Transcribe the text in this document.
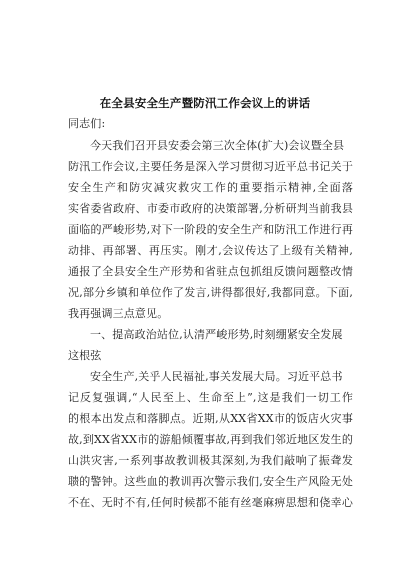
在全县安全生产暨防汛工作会议上的讲话
同志们:
今天我们召开县安委会第三次全体(扩大)会议暨全县
防汛工作会议,主要任务是深入学习贯彻习近平总书记关于
安全生产和防灾减灾救灾工作的重要指示精神,全面落
实省委省政府、市委市政府的决策部署,分析研判当前我县
面临的严峻形势,对下一阶段的安全生产和防汛工作进行再
动排、再部署、再压实。刚才,会议传达了上级有关精神,
通报了全县安全生产形势和省驻点包抓组反馈问题整改情
况,部分乡镇和单位作了发言,讲得都很好,我都同意。下面,
我再强调三点意见。
一、提高政治站位,认清严峻形势,时刻绷紧安全发展
这根弦
安全生产,关乎人民福祉,事关发展大局。习近平总书
记反复强调,“人民至上、生命至上”,这是我们一切工作
的根本出发点和落脚点。近期,从XX省XX市的饭店火灾事
故,到XX省XX市的游船倾覆事故,再到我们邻近地区发生的
山洪灾害,一系列事故教训极其深刻,为我们敲响了振聋发
聩的警钟。这些血的教训再次警示我们,安全生产风险无处
不在、无时不有,任何时候都不能有丝毫麻痹思想和侥幸心
